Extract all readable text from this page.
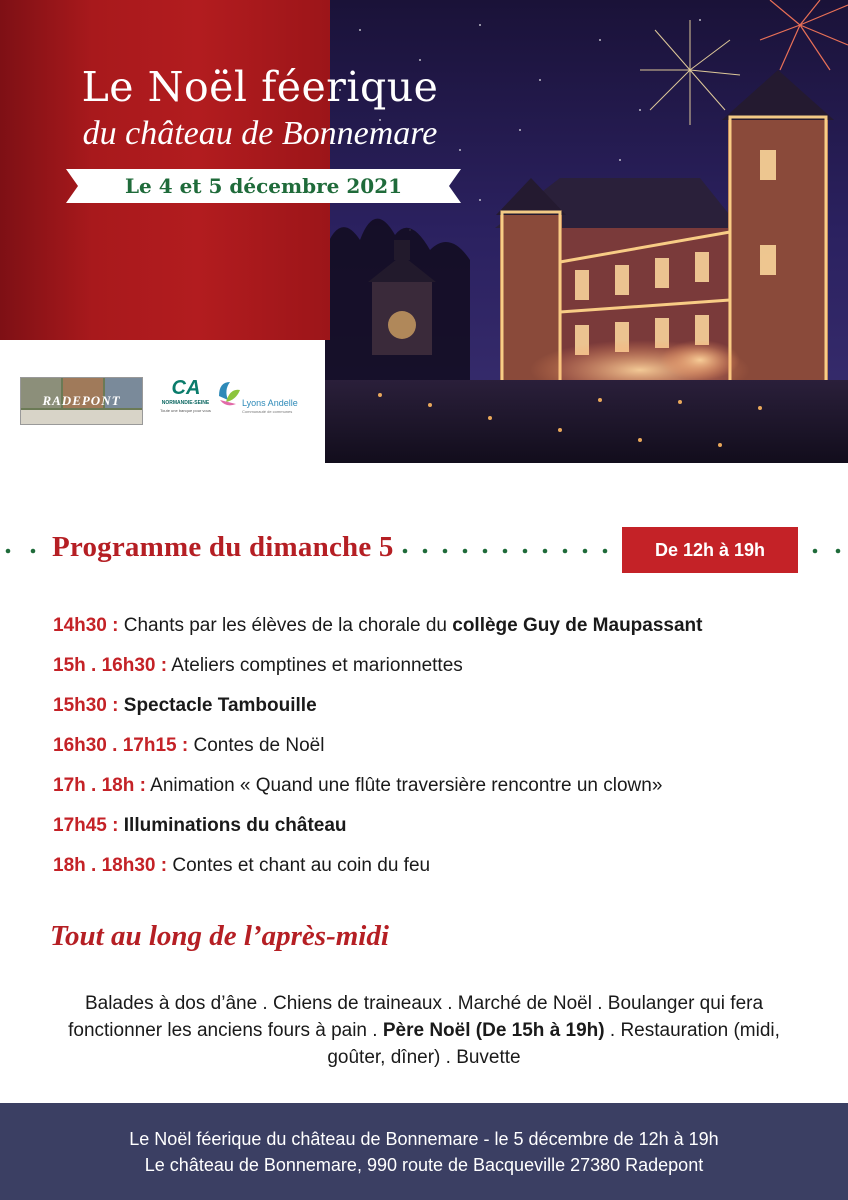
Le Noël féerique
du château de Bonnemare
Le 4 et 5 décembre 2021
RADEPONT
CA
NORMANDIE-SEINE
Toute une banque pour vous
Lyons Andelle
Communauté de communes
Programme du dimanche 5	De 12h à 19h
14h30 : Chants par les élèves de la chorale du collège Guy de Maupassant
15h . 16h30 : Ateliers comptines et marionnettes
15h30 : Spectacle Tambouille
16h30 . 17h15 : Contes de Noël
17h . 18h : Animation « Quand une flûte traversière rencontre un clown»
17h45 : Illuminations du château
18h . 18h30 : Contes et chant au coin du feu
Tout au long de l’après-midi
Balades à dos d’âne . Chiens de traineaux . Marché de Noël . Boulanger qui fera fonctionner les anciens fours à pain . Père Noël (De 15h à 19h) . Restauration (midi, goûter, dîner) . Buvette
Le Noël féerique du château de Bonnemare - le 5 décembre de 12h à 19h
Le château de Bonnemare, 990 route de Bacqueville 27380 Radepont
